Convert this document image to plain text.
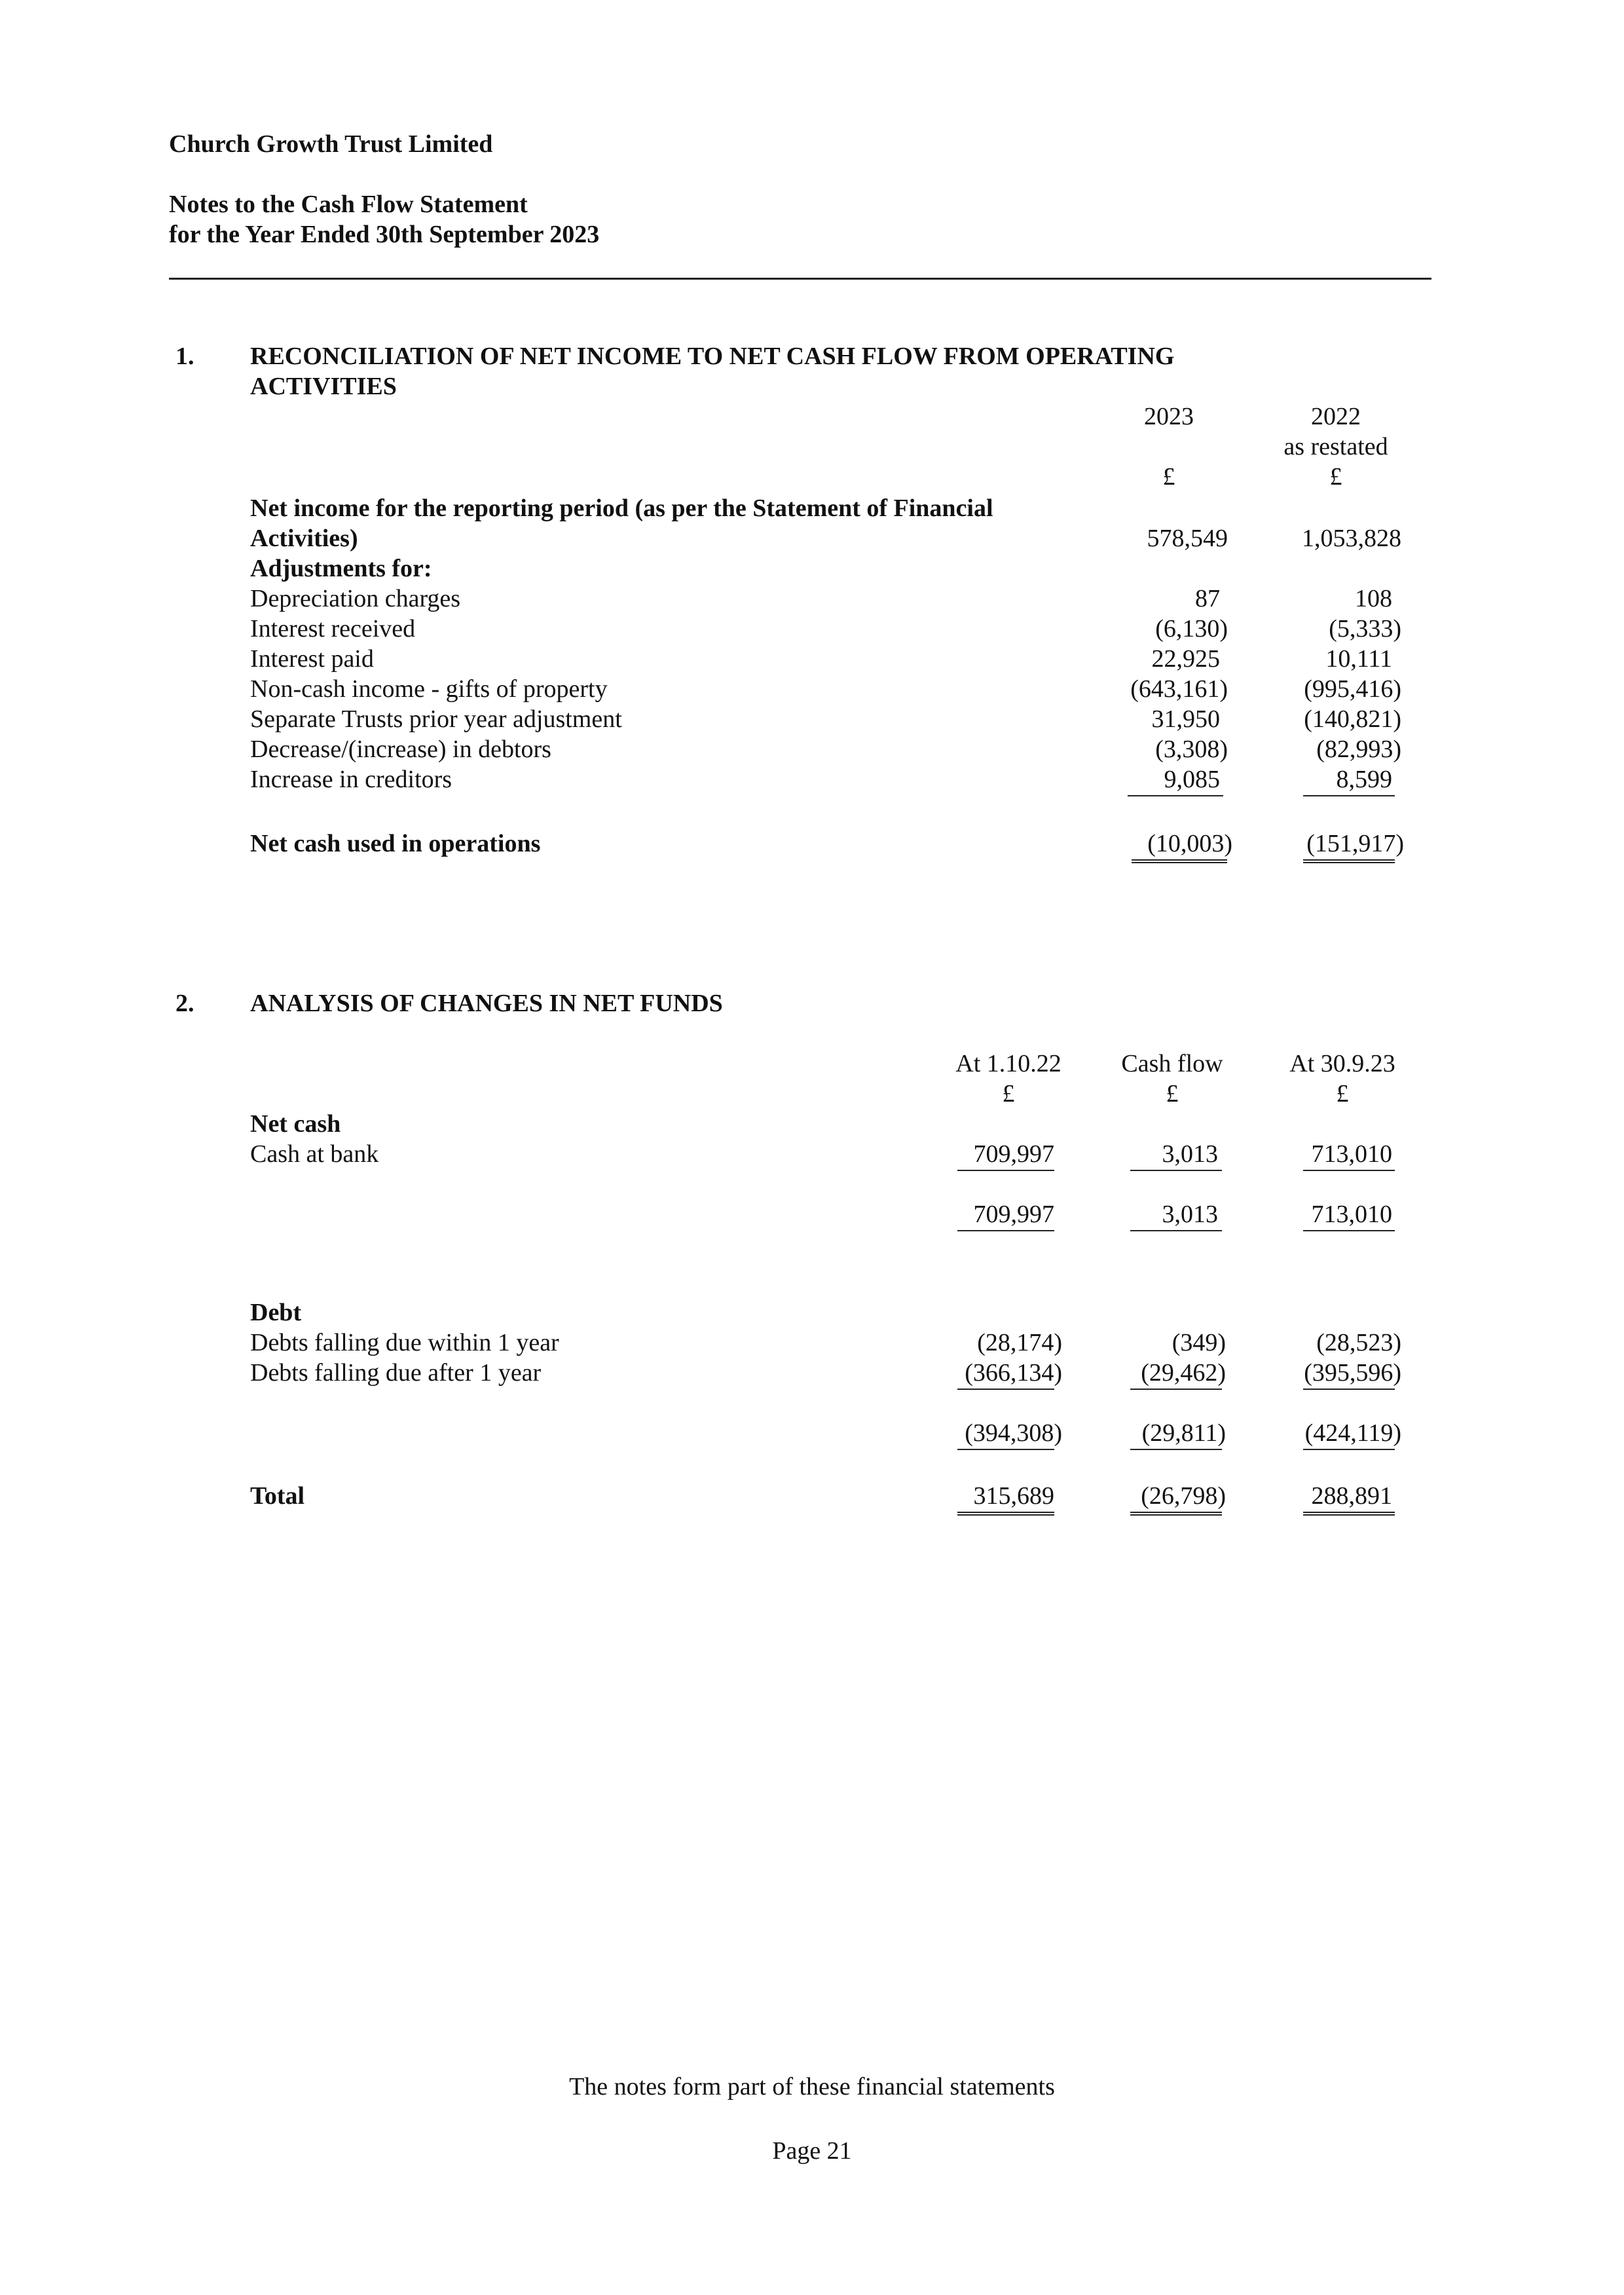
Church Growth Trust Limited
Notes to the Cash Flow Statement
for the Year Ended 30th September 2023
1. RECONCILIATION OF NET INCOME TO NET CASH FLOW FROM OPERATING
ACTIVITIES
2023	2022
as restated
£	£
Net income for the reporting period (as per the Statement of Financial
Activities)	578,549	1,053,828
Adjustments for:
Depreciation charges	87	108
Interest received	(6,130)	(5,333)
Interest paid	22,925	10,111
Non-cash income - gifts of property	(643,161)	(995,416)
Separate Trusts prior year adjustment	31,950	(140,821)
Decrease/(increase) in debtors	(3,308)	(82,993)
Increase in creditors	9,085	8,599
Net cash used in operations	(10,003)	(151,917)
2. ANALYSIS OF CHANGES IN NET FUNDS
At 1.10.22	Cash flow	At 30.9.23
£	£	£
Net cash
Cash at bank	709,997	3,013	713,010
709,997	3,013	713,010
Debt
Debts falling due within 1 year	(28,174)	(349)	(28,523)
Debts falling due after 1 year	(366,134)	(29,462)	(395,596)
(394,308)	(29,811)	(424,119)
Total	315,689	(26,798)	288,891
The notes form part of these financial statements
Page 21
